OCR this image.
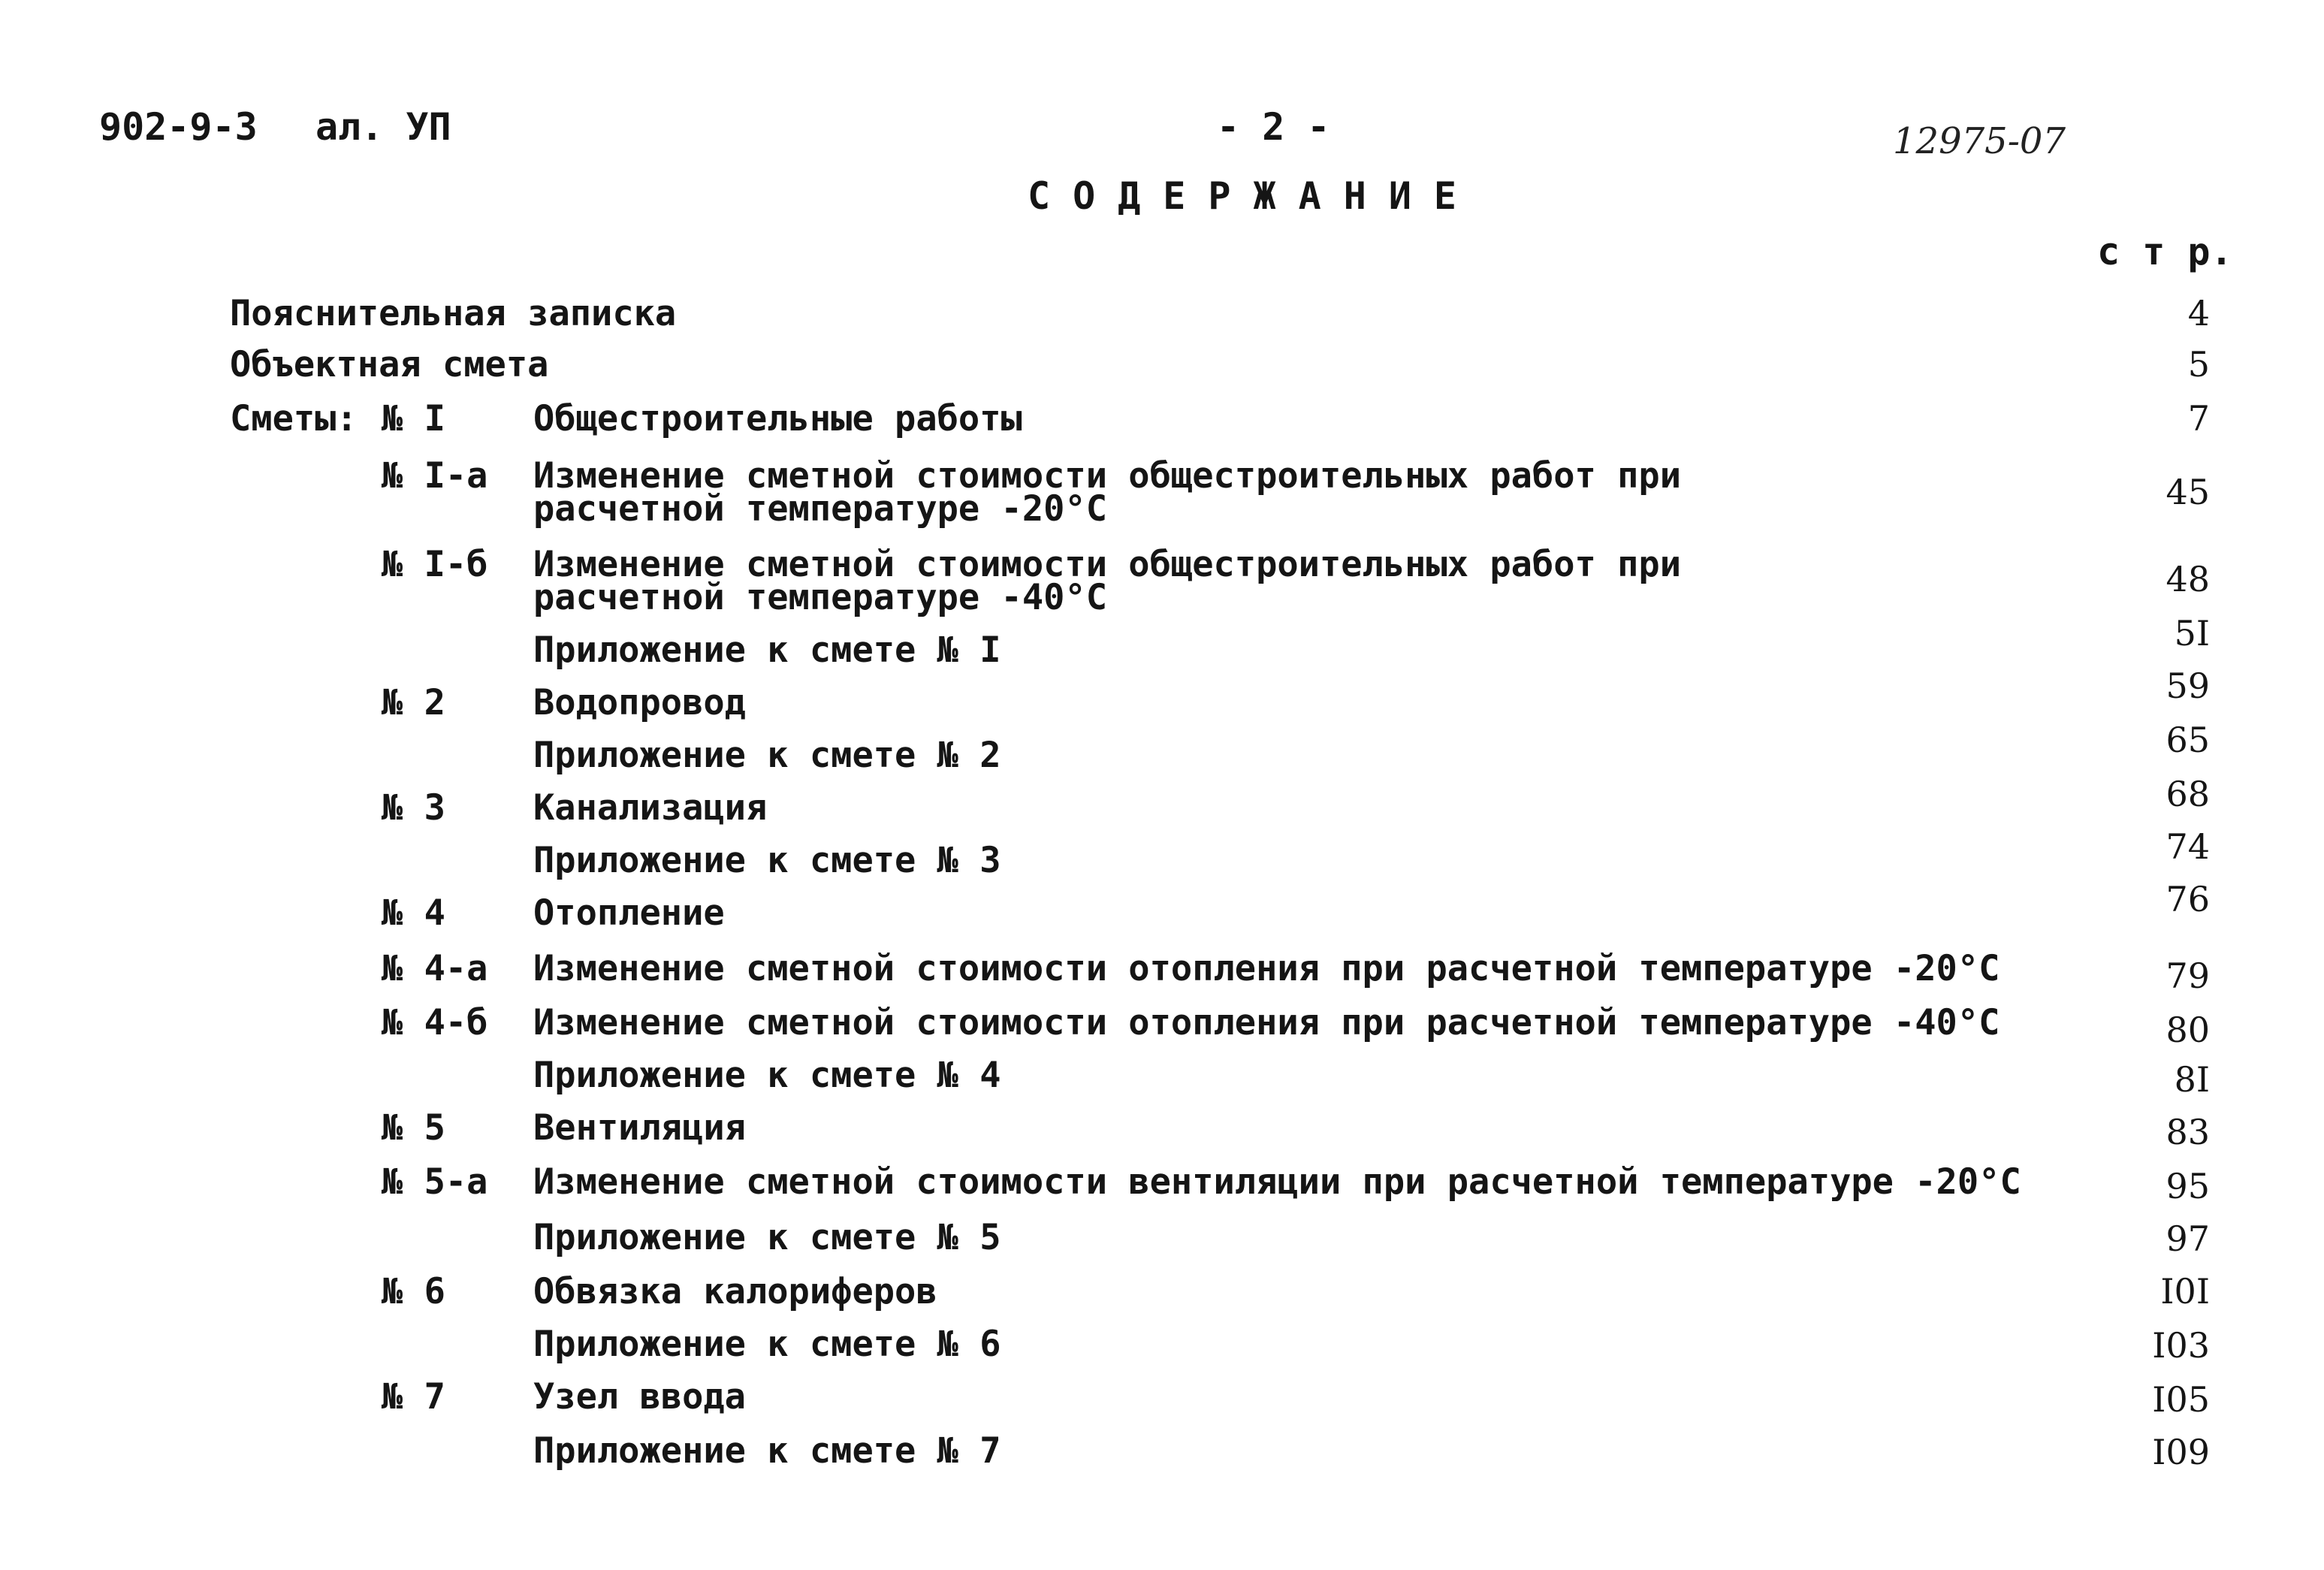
902-9-3 ал. УП	- 2 -	12975-07
СОДЕРЖАНИЕ
с т р.
Пояснительная записка	4
Объектная смета	5
Сметы: № I Общестроительные работы	7
№ I-а Изменение сметной стоимости общестроительных работ при
расчетной температуре -20°C	45
№ I-б Изменение сметной стоимости общестроительных работ при
расчетной температуре -40°C	48
Приложение к смете № I	5I
№ 2 Водопровод	59
Приложение к смете № 2	65
№ 3 Канализация	68
Приложение к смете № 3	74
№ 4 Отопление	76
№ 4-а Изменение сметной стоимости отопления при расчетной температуре -20°C	79
№ 4-б Изменение сметной стоимости отопления при расчетной температуре -40°C	80
Приложение к смете № 4	8I
№ 5 Вентиляция	83
№ 5-а Изменение сметной стоимости вентиляции при расчетной температуре -20°C	95
Приложение к смете № 5	97
№ 6 Обвязка калориферов	I0I
Приложение к смете № 6	I03
№ 7 Узел ввода	I05
Приложение к смете № 7	I09
